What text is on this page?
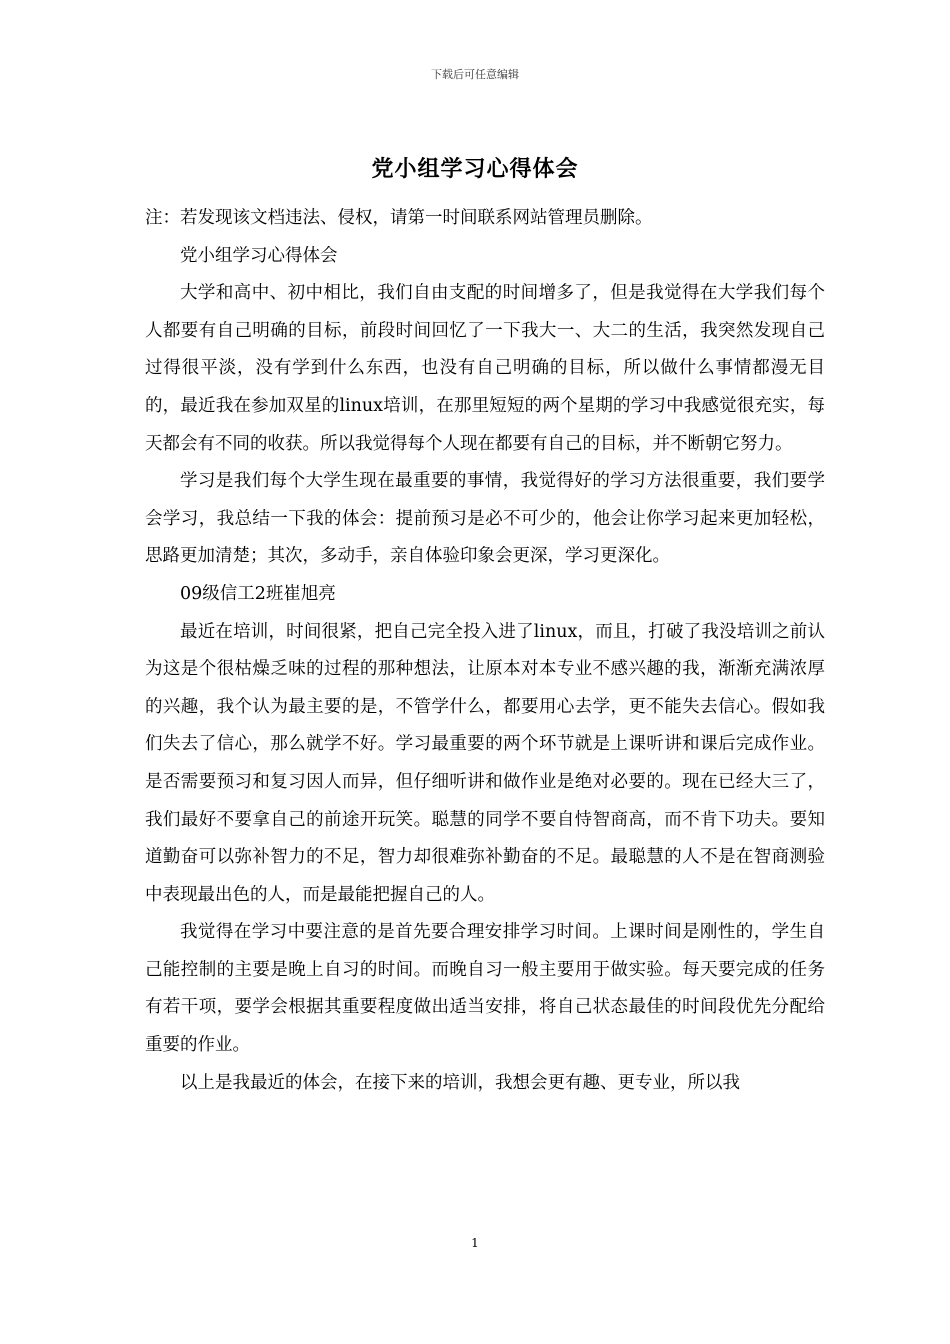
下载后可任意编辑
党小组学习心得体会

注：若发现该文档违法、侵权，请第一时间联系网站管理员删除。

党小组学习心得体会

大学和高中、初中相比，我们自由支配的时间增多了，但是我觉得在大学我们每个人都要有自己明确的目标，前段时间回忆了一下我大一、大二的生活，我突然发现自己过得很平淡，没有学到什么东西，也没有自己明确的目标，所以做什么事情都漫无目的，最近我在参加双星的linux培训，在那里短短的两个星期的学习中我感觉很充实，每天都会有不同的收获。所以我觉得每个人现在都要有自己的目标，并不断朝它努力。

学习是我们每个大学生现在最重要的事情，我觉得好的学习方法很重要，我们要学会学习，我总结一下我的体会：提前预习是必不可少的，他会让你学习起来更加轻松，思路更加清楚；其次，多动手，亲自体验印象会更深，学习更深化。

09级信工2班崔旭亮

最近在培训，时间很紧，把自己完全投入进了linux，而且，打破了我没培训之前认为这是个很枯燥乏味的过程的那种想法，让原本对本专业不感兴趣的我，渐渐充满浓厚的兴趣，我个认为最主要的是，不管学什么，都要用心去学，更不能失去信心。假如我们失去了信心，那么就学不好。学习最重要的两个环节就是上课听讲和课后完成作业。是否需要预习和复习因人而异，但仔细听讲和做作业是绝对必要的。现在已经大三了，我们最好不要拿自己的前途开玩笑。聪慧的同学不要自恃智商高，而不肯下功夫。要知道勤奋可以弥补智力的不足，智力却很难弥补勤奋的不足。最聪慧的人不是在智商测验中表现最出色的人，而是最能把握自己的人。

我觉得在学习中要注意的是首先要合理安排学习时间。上课时间是刚性的，学生自己能控制的主要是晚上自习的时间。而晚自习一般主要用于做实验。每天要完成的任务有若干项，要学会根据其重要程度做出适当安排，将自己状态最佳的时间段优先分配给重要的作业。

以上是我最近的体会，在接下来的培训，我想会更有趣、更专业，所以我

1
